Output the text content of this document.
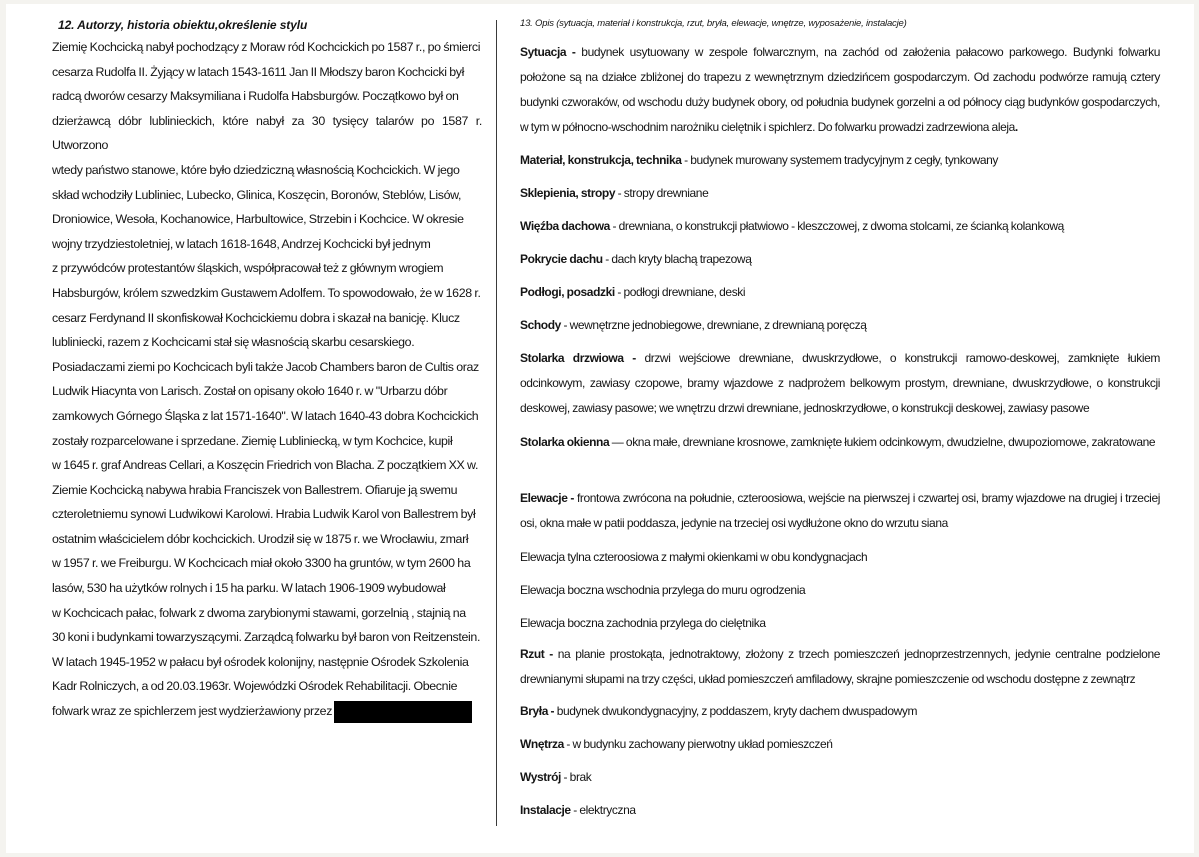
12. Autorzy, historia obiektu,określenie stylu

Ziemię Kochcicką nabył pochodzący z Moraw ród Kochcickich po 1587 r., po śmierci

cesarza Rudolfa II. Żyjący w latach 1543-1611 Jan II Młodszy baron Kochcicki był

radcą dworów cesarzy Maksymiliana i Rudolfa Habsburgów. Początkowo był on

dzierżawcą dóbr lublinieckich, które nabył za 30 tysięcy talarów po 1587 r. Utworzono

wtedy państwo stanowe, które było dziedziczną własnością Kochcickich. W jego

skład wchodziły Lubliniec, Lubecko, Glinica, Koszęcin, Boronów, Steblów, Lisów,

Droniowice, Wesoła, Kochanowice, Harbultowice, Strzebin i Kochcice. W okresie

wojny trzydziestoletniej, w latach 1618-1648, Andrzej Kochcicki był jednym

z przywódców protestantów śląskich, współpracował też z głównym wrogiem

Habsburgów, królem szwedzkim Gustawem Adolfem. To spowodowało, że w 1628 r.

cesarz Ferdynand II skonfiskował Kochcickiemu dobra i skazał na banicję. Klucz

lubliniecki, razem z Kochcicami stał się własnością skarbu cesarskiego.

Posiadaczami ziemi po Kochcicach byli także Jacob Chambers baron de Cultis oraz

Ludwik Hiacynta von Larisch. Został on opisany około 1640 r. w "Urbarzu dóbr

zamkowych Górnego Śląska z lat 1571-1640". W latach 1640-43 dobra Kochcickich

zostały rozparcelowane i sprzedane. Ziemię Lubliniecką, w tym Kochcice, kupił

w 1645 r. graf Andreas Cellari, a Koszęcin Friedrich von Blacha. Z początkiem XX w.

Ziemie Kochcicką nabywa hrabia Franciszek von Ballestrem. Ofiaruje ją swemu

czteroletniemu synowi Ludwikowi Karolowi. Hrabia Ludwik Karol von Ballestrem był

ostatnim właścicielem dóbr kochcickich. Urodził się w 1875 r. we Wrocławiu, zmarł

w 1957 r. we Freiburgu. W Kochcicach miał około 3300 ha gruntów, w tym 2600 ha

lasów, 530 ha użytków rolnych i 15 ha parku. W latach 1906-1909 wybudował

w Kochcicach pałac, folwark z dwoma zarybionymi stawami, gorzelnią , stajnią na

30 koni i budynkami towarzyszącymi. Zarządcą folwarku był baron von Reitzenstein.

W latach 1945-1952 w pałacu był ośrodek kolonijny, następnie Ośrodek Szkolenia

Kadr Rolniczych, a od 20.03.1963r. Wojewódzki Ośrodek Rehabilitacji. Obecnie

folwark wraz ze spichlerzem jest wydzierżawiony przez

13. Opis (sytuacja, materiał i konstrukcja, rzut, bryła, elewacje, wnętrze, wyposażenie, instalacje)
Sytuacja - budynek usytuowany w zespole folwarcznym, na zachód od założenia pałacowo parkowego. Budynki folwarku położone są na działce zbliżonej do trapezu z wewnętrznym dziedzińcem gospodarczym. Od zachodu podwórze ramują cztery budynki czworaków, od wschodu duży budynek obory, od południa budynek gorzelni a od północy ciąg budynków gospodarczych, w tym w północno-wschodnim narożniku cielętnik i spichlerz. Do folwarku prowadzi zadrzewiona aleja.
Materiał, konstrukcja, technika - budynek murowany systemem tradycyjnym z cegły, tynkowany
Sklepienia, stropy - stropy drewniane
Więźba dachowa - drewniana, o konstrukcji płatwiowo - kleszczowej, z dwoma stolcami, ze ścianką kolankową
Pokrycie dachu - dach kryty blachą trapezową
Podłogi, posadzki - podłogi drewniane, deski
Schody - wewnętrzne jednobiegowe, drewniane, z drewnianą poręczą
Stolarka drzwiowa - drzwi wejściowe drewniane, dwuskrzydłowe, o konstrukcji ramowo-deskowej, zamknięte łukiem odcinkowym, zawiasy czopowe, bramy wjazdowe z nadprożem belkowym prostym, drewniane, dwuskrzydłowe, o konstrukcji deskowej, zawiasy pasowe; we wnętrzu drzwi drewniane, jednoskrzydłowe, o konstrukcji deskowej, zawiasy pasowe
Stolarka okienna — okna małe, drewniane krosnowe, zamknięte łukiem odcinkowym, dwudzielne, dwupoziomowe, zakratowane
Elewacje - frontowa zwrócona na południe, czteroosiowa, wejście na pierwszej i czwartej osi, bramy wjazdowe na drugiej i trzeciej osi, okna małe w patii poddasza, jedynie na trzeciej osi wydłużone okno do wrzutu siana
Elewacja tylna czteroosiowa z małymi okienkami w obu kondygnacjach
Elewacja boczna wschodnia przylega do muru ogrodzenia
Elewacja boczna zachodnia przylega do cielętnika
Rzut - na planie prostokąta, jednotraktowy, złożony z trzech pomieszczeń jednoprzestrzennych, jedynie centralne podzielone drewnianymi słupami na trzy części, układ pomieszczeń amfiladowy, skrajne pomieszczenie od wschodu dostępne z zewnątrz
Bryła - budynek dwukondygnacyjny, z poddaszem, kryty dachem dwuspadowym
Wnętrza - w budynku zachowany pierwotny układ pomieszczeń
Wystrój - brak
Instalacje - elektryczna
